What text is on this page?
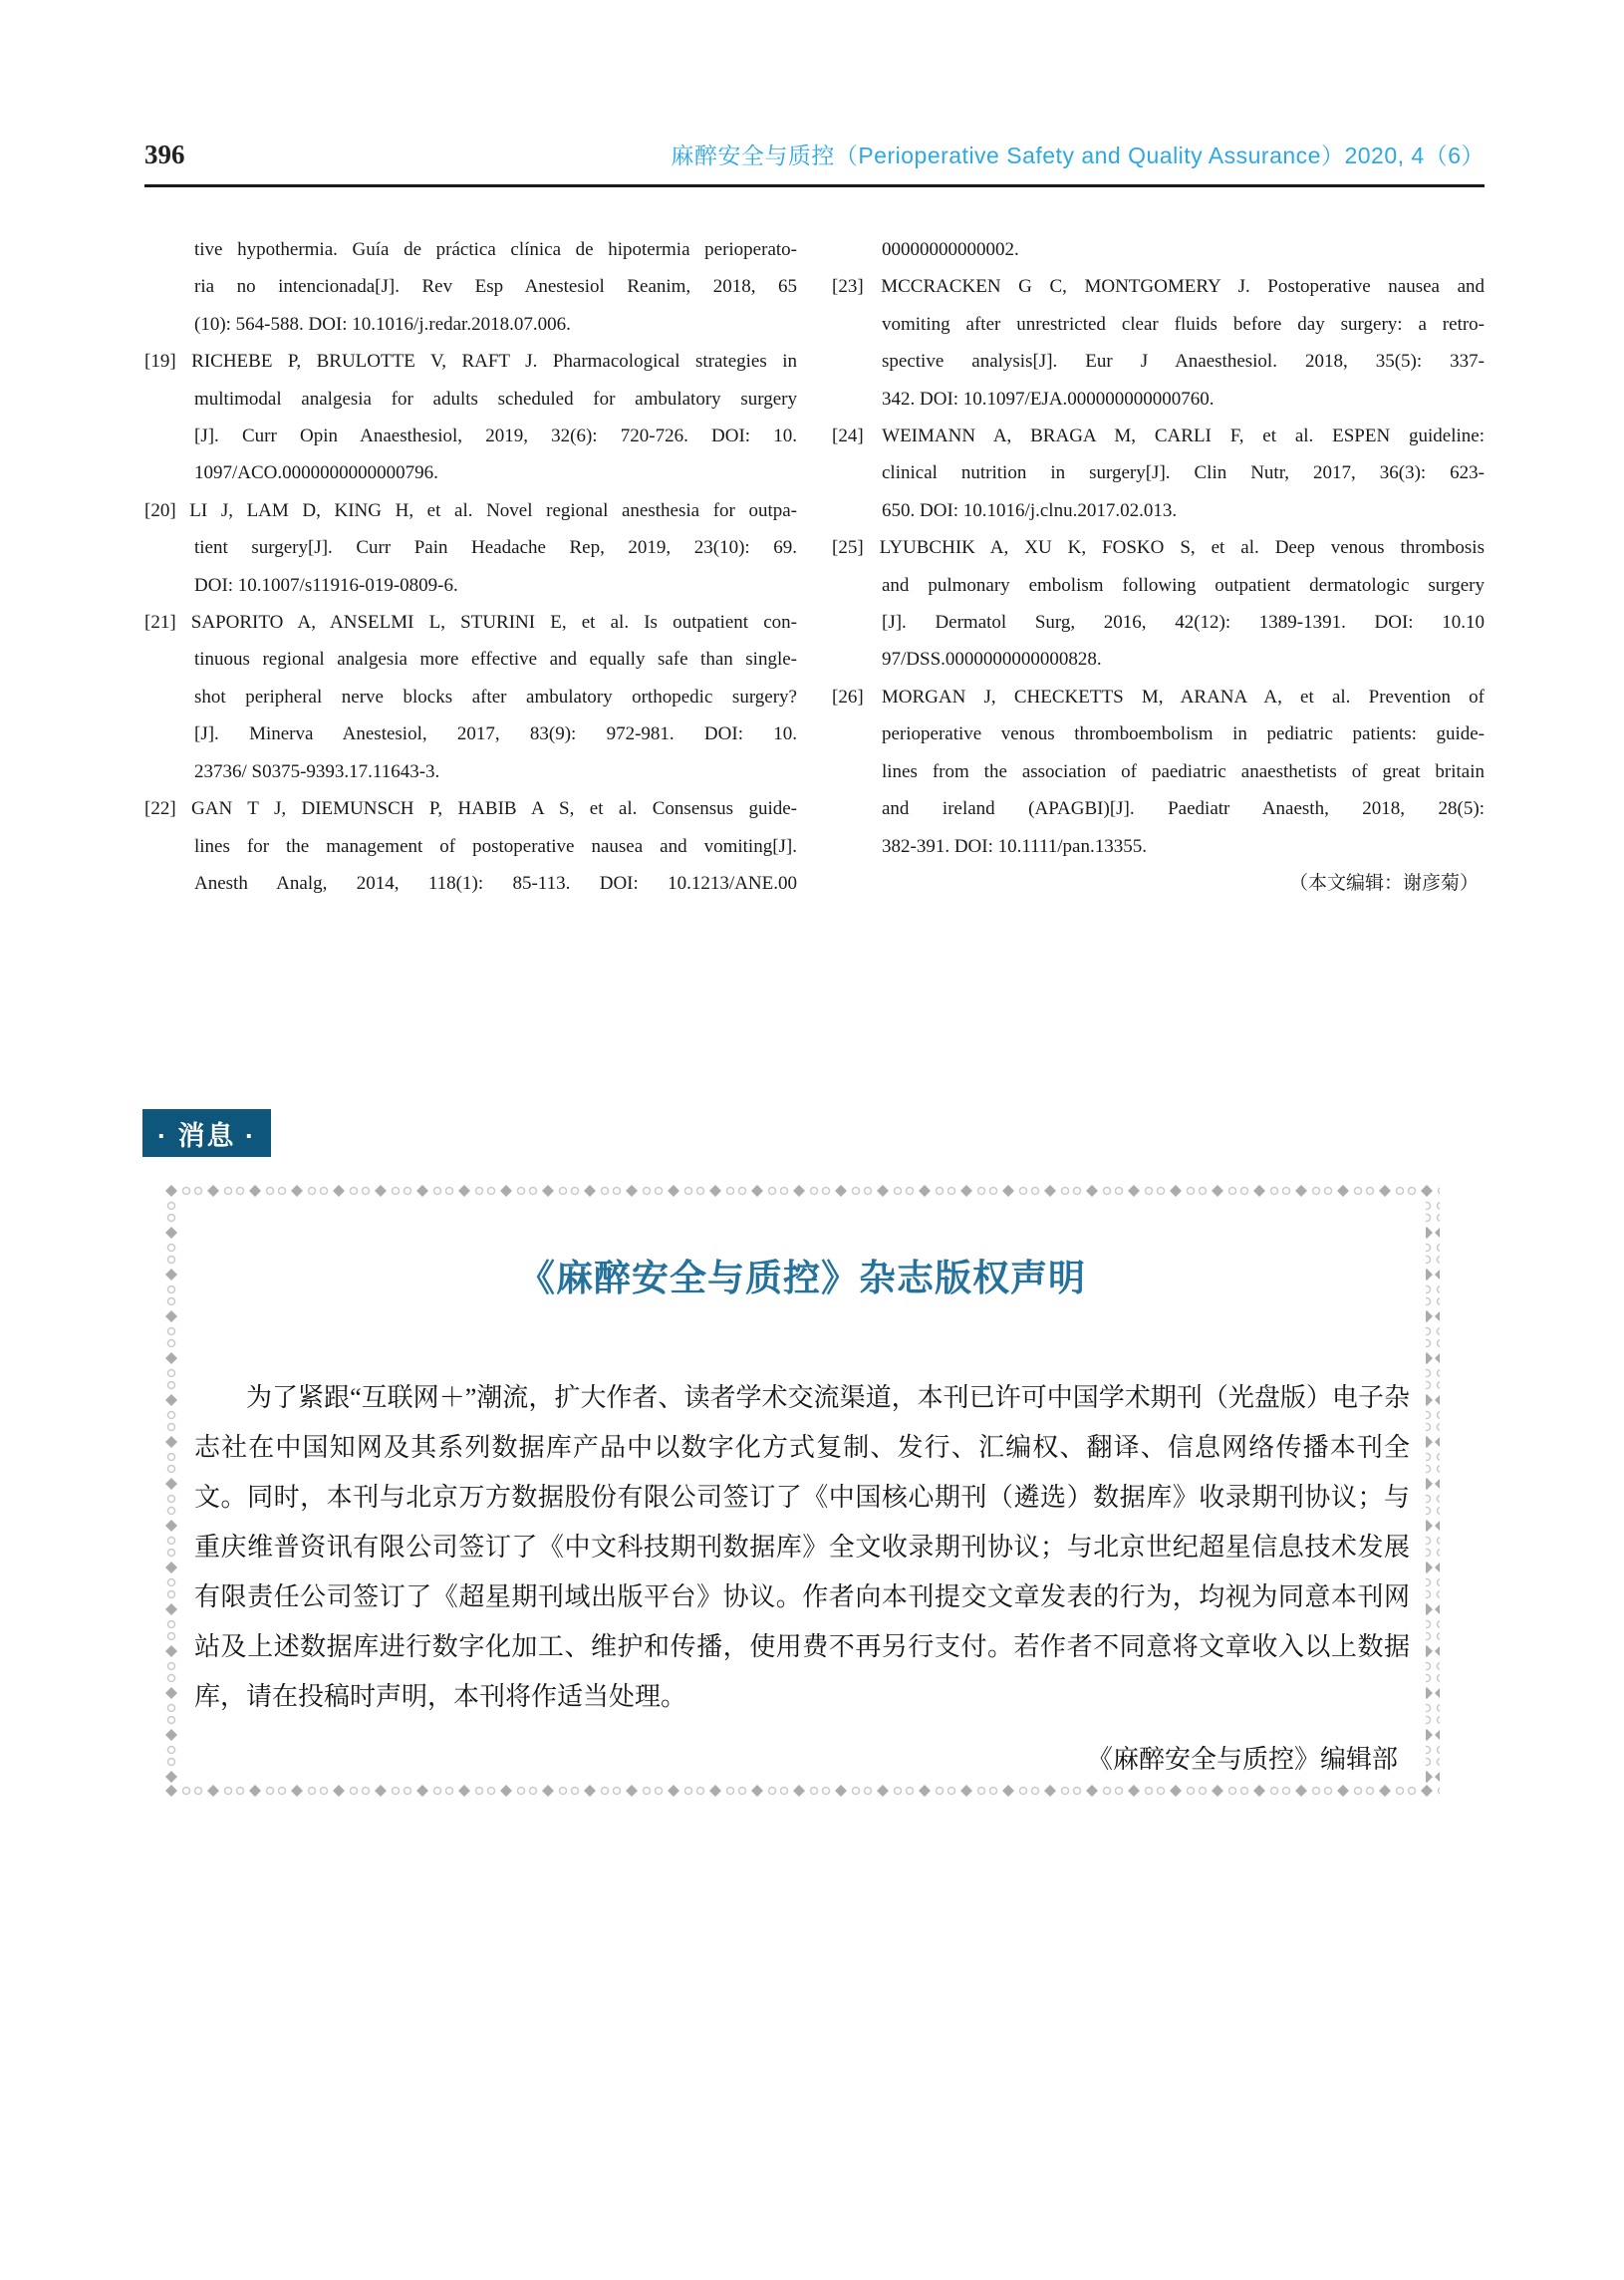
396	麻醉安全与质控（Perioperative Safety and Quality Assurance）2020, 4（6）
tive hypothermia. Guía de práctica clínica de hipotermia perioperato-
ria no intencionada[J]. Rev Esp Anestesiol Reanim, 2018, 65
(10): 564-588. DOI: 10.1016/j.redar.2018.07.006.
[19] RICHEBE P, BRULOTTE V, RAFT J. Pharmacological strategies in
multimodal analgesia for adults scheduled for ambulatory surgery
[J]. Curr Opin Anaesthesiol, 2019, 32(6): 720-726. DOI: 10.
1097/ACO.0000000000000796.
[20] LI J, LAM D, KING H, et al. Novel regional anesthesia for outpa-
tient surgery[J]. Curr Pain Headache Rep, 2019, 23(10): 69.
DOI: 10.1007/s11916-019-0809-6.
[21] SAPORITO A, ANSELMI L, STURINI E, et al. Is outpatient con-
tinuous regional analgesia more effective and equally safe than single-
shot peripheral nerve blocks after ambulatory orthopedic surgery?
[J]. Minerva Anestesiol, 2017, 83(9): 972-981. DOI: 10.
23736/ S0375-9393.17.11643-3.
[22] GAN T J, DIEMUNSCH P, HABIB A S, et al. Consensus guide-
lines for the management of postoperative nausea and vomiting[J].
Anesth Analg, 2014, 118(1): 85-113. DOI: 10.1213/ANE.00
00000000000002.
[23] MCCRACKEN G C, MONTGOMERY J. Postoperative nausea and
vomiting after unrestricted clear fluids before day surgery: a retro-
spective analysis[J]. Eur J Anaesthesiol. 2018, 35(5): 337-
342. DOI: 10.1097/EJA.000000000000760.
[24] WEIMANN A, BRAGA M, CARLI F, et al. ESPEN guideline:
clinical nutrition in surgery[J]. Clin Nutr, 2017, 36(3): 623-
650. DOI: 10.1016/j.clnu.2017.02.013.
[25] LYUBCHIK A, XU K, FOSKO S, et al. Deep venous thrombosis
and pulmonary embolism following outpatient dermatologic surgery
[J]. Dermatol Surg, 2016, 42(12): 1389-1391. DOI: 10.10
97/DSS.0000000000000828.
[26] MORGAN J, CHECKETTS M, ARANA A, et al. Prevention of
perioperative venous thromboembolism in pediatric patients: guide-
lines from the association of paediatric anaesthetists of great britain
and ireland (APAGBI)[J]. Paediatr Anaesth, 2018, 28(5):
382-391. DOI: 10.1111/pan.13355.
（本文编辑：谢彦菊）
· 消息 ·
《麻醉安全与质控》杂志版权声明
为了紧跟“互联网＋”潮流，扩大作者、读者学术交流渠道，本刊已许可中国学术期刊（光盘版）电子杂志社在中国知网及其系列数据库产品中以数字化方式复制、发行、汇编权、翻译、信息网络传播本刊全文。同时，本刊与北京万方数据股份有限公司签订了《中国核心期刊（遴选）数据库》收录期刊协议；与重庆维普资讯有限公司签订了《中文科技期刊数据库》全文收录期刊协议；与北京世纪超星信息技术发展有限责任公司签订了《超星期刊域出版平台》协议。作者向本刊提交文章发表的行为，均视为同意本刊网站及上述数据库进行数字化加工、维护和传播，使用费不再另行支付。若作者不同意将文章收入以上数据库，请在投稿时声明，本刊将作适当处理。
《麻醉安全与质控》编辑部
